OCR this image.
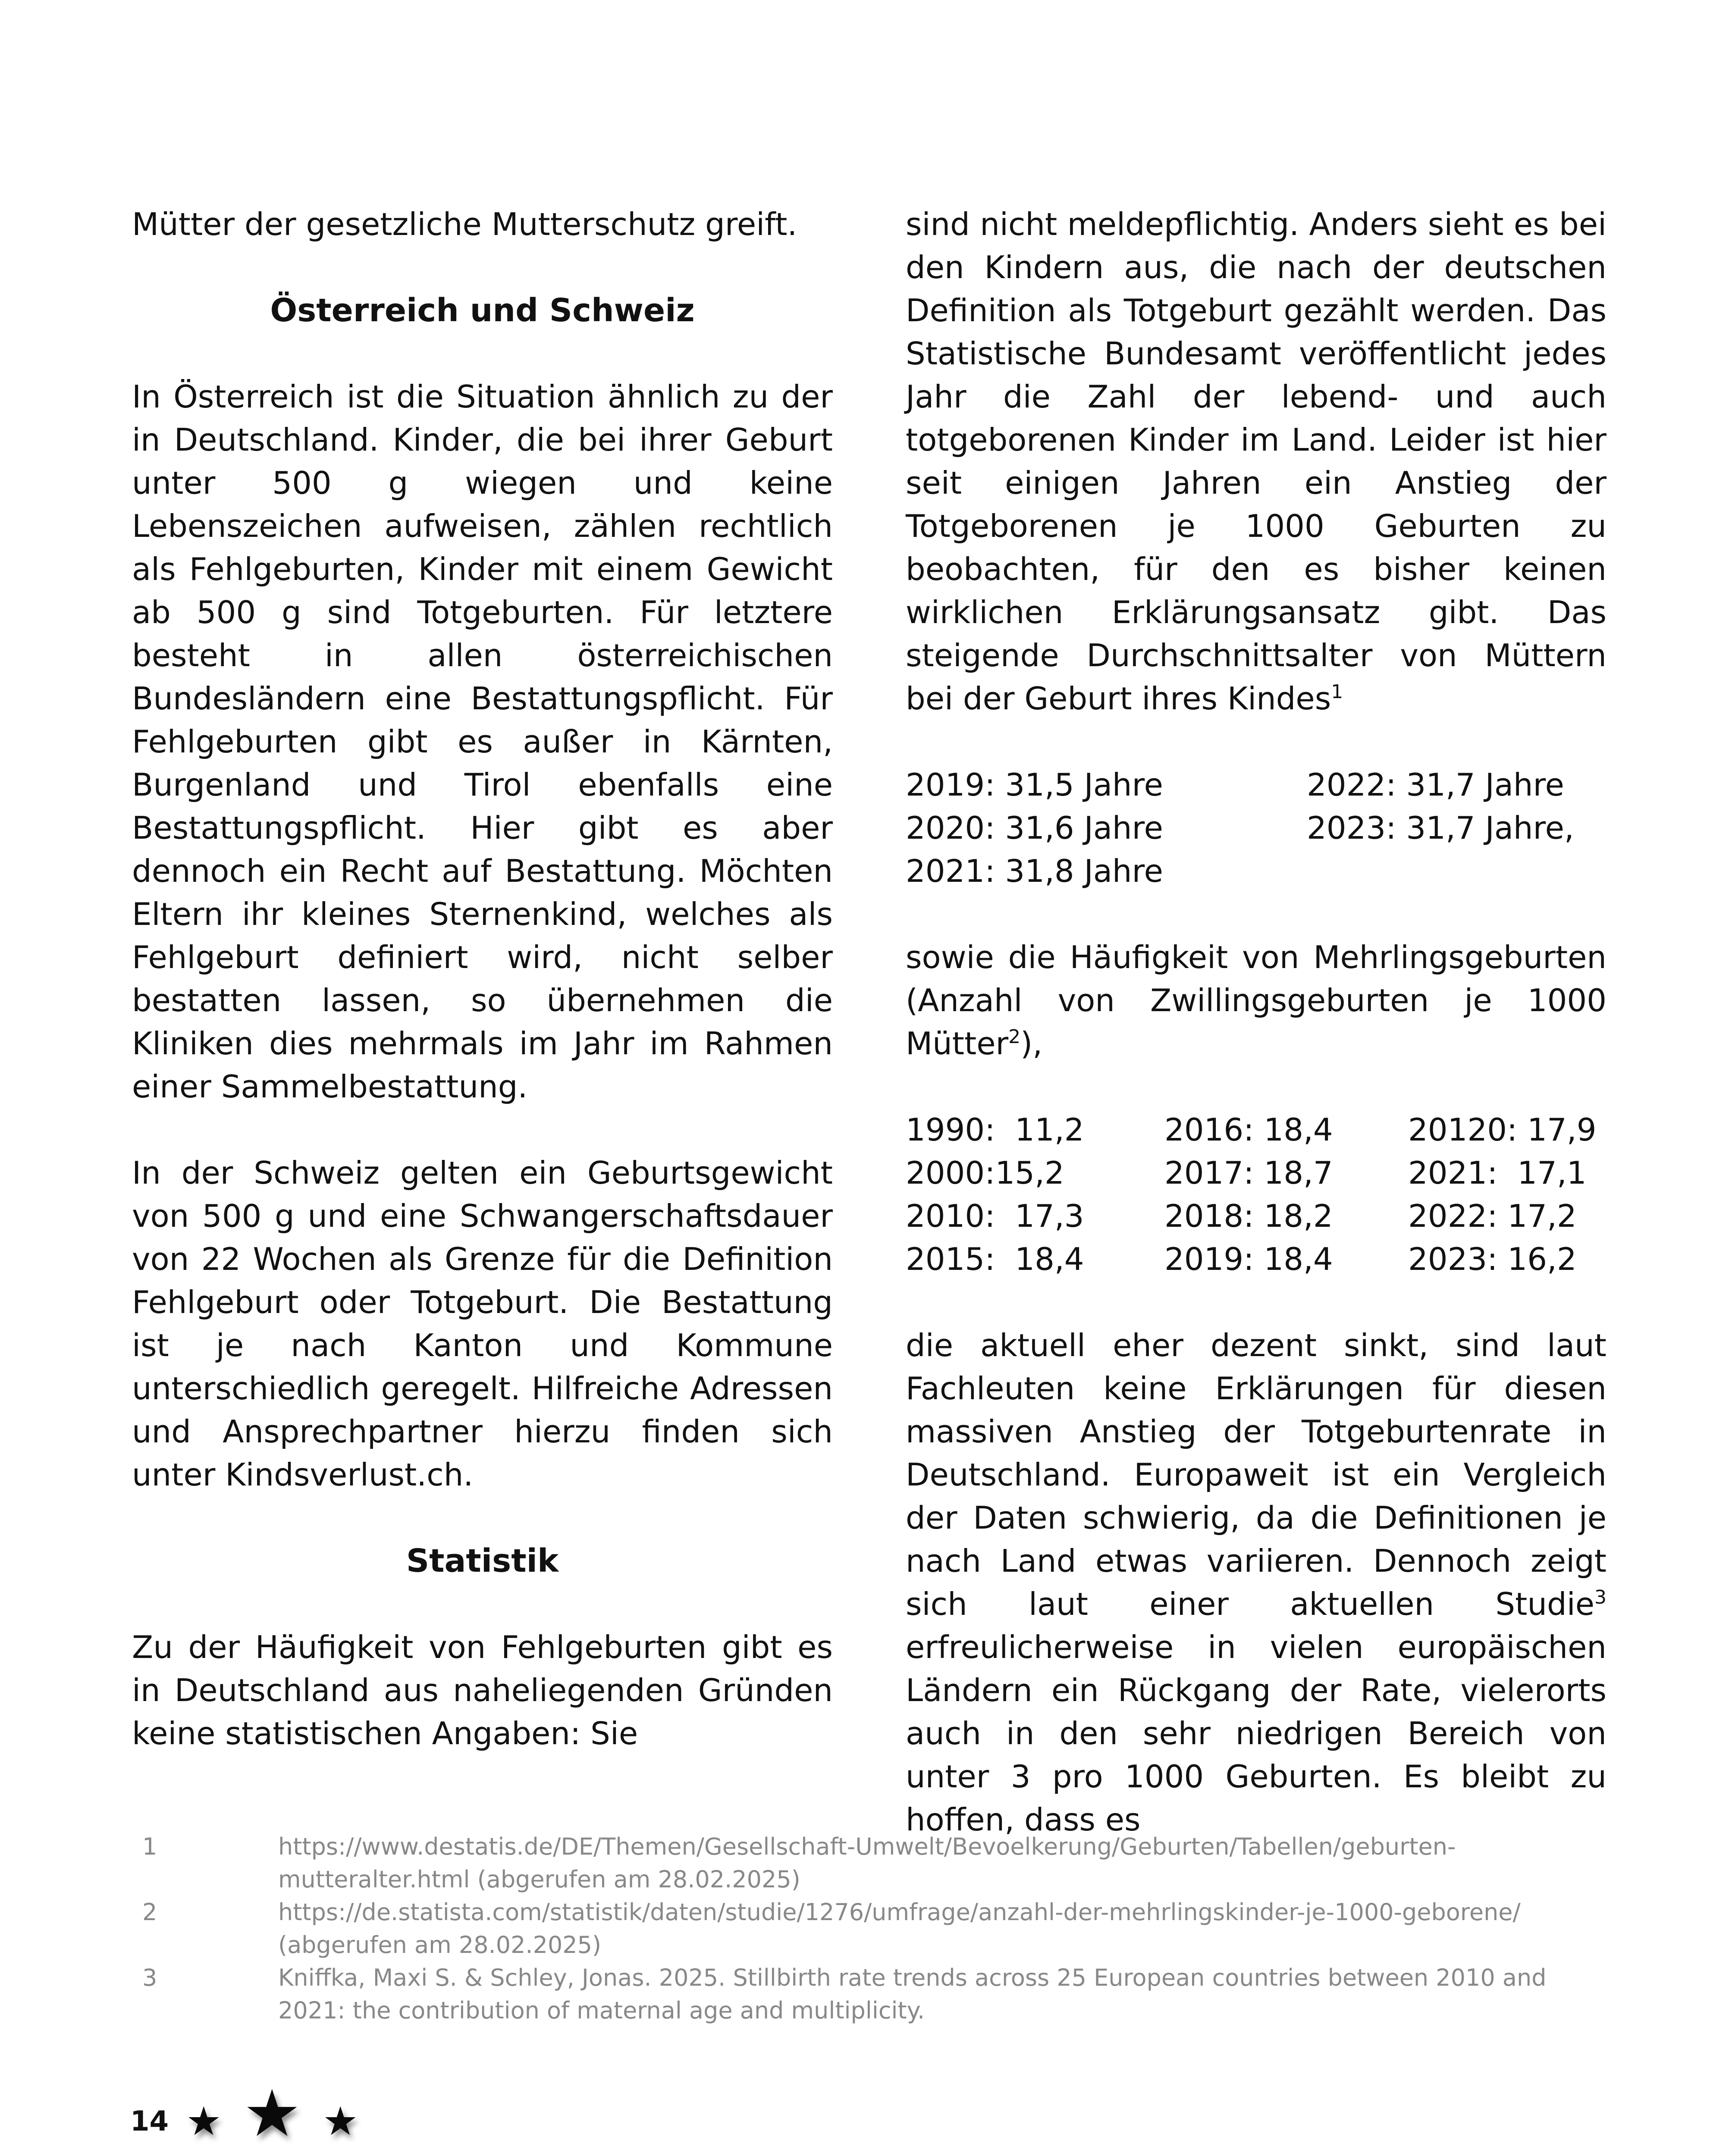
Mütter der gesetzliche Mutterschutz greift.

Österreich und Schweiz

In Österreich ist die Situation ähnlich zu der in Deutschland. Kinder, die bei ihrer Geburt unter 500 g wiegen und keine Lebenszeichen aufweisen, zählen rechtlich als Fehlgeburten, Kinder mit einem Gewicht ab 500 g sind Totgeburten. Für letztere besteht in allen österreichischen Bundesländern eine Bestattungspflicht. Für Fehlgeburten gibt es außer in Kärnten, Burgenland und Tirol ebenfalls eine Bestattungspflicht. Hier gibt es aber dennoch ein Recht auf Bestattung. Möchten Eltern ihr kleines Sternenkind, welches als Fehlgeburt definiert wird, nicht selber bestatten lassen, so übernehmen die Kliniken dies mehrmals im Jahr im Rahmen einer Sammelbestattung.

In der Schweiz gelten ein Geburtsgewicht von 500 g und eine Schwangerschaftsdauer von 22 Wochen als Grenze für die Definition Fehlgeburt oder Totgeburt. Die Bestattung ist je nach Kanton und Kommune unterschiedlich geregelt. Hilfreiche Adressen und Ansprechpartner hierzu finden sich unter Kindsverlust.ch.

Statistik

Zu der Häufigkeit von Fehlgeburten gibt es in Deutschland aus naheliegenden Gründen keine statistischen Angaben: Sie

sind nicht meldepflichtig. Anders sieht es bei den Kindern aus, die nach der deutschen Definition als Totgeburt gezählt werden. Das Statistische Bundesamt veröffentlicht jedes Jahr die Zahl der lebend- und auch totgeborenen Kinder im Land. Leider ist hier seit einigen Jahren ein Anstieg der Totgeborenen je 1000 Geburten zu beobachten, für den es bisher keinen wirklichen Erklärungsansatz gibt. Das steigende Durchschnittsalter von Müttern bei der Geburt ihres Kindes$^1$

2019: 31,5 Jahre	2022: 31,7 Jahre
2020: 31,6 Jahre	2023: 31,7 Jahre,
2021: 31,8 Jahre

sowie die Häufigkeit von Mehrlingsgeburten (Anzahl von Zwillingsgeburten je 1000 Mütter$^2$),

1990:  11,2	2016: 18,4	20120: 17,9
2000:15,2	2017: 18,7	2021:  17,1
2010:  17,3	2018: 18,2	2022: 17,2
2015:  18,4	2019: 18,4	2023: 16,2

die aktuell eher dezent sinkt, sind laut Fachleuten keine Erklärungen für diesen massiven Anstieg der Totgeburtenrate in Deutschland. Europaweit ist ein Vergleich der Daten schwierig, da die Definitionen je nach Land etwas variieren. Dennoch zeigt sich laut einer aktuellen Studie$^3$ erfreulicherweise in vielen europäischen Ländern ein Rückgang der Rate, vielerorts auch in den sehr niedrigen Bereich von unter 3 pro 1000 Geburten. Es bleibt zu hoffen, dass es

1	https://www.destatis.de/DE/Themen/Gesellschaft-Umwelt/Bevoelkerung/Geburten/Tabellen/geburten-mutteralter.html (abgerufen am 28.02.2025)
2	https://de.statista.com/statistik/daten/studie/1276/umfrage/anzahl-der-mehrlingskinder-je-1000-geborene/ (abgerufen am 28.02.2025)
3	Kniffka, Maxi S. & Schley, Jonas. 2025. Stillbirth rate trends across 25 European countries between 2010 and 2021: the contribution of maternal age and multiplicity.
14 ★ ★ ★
